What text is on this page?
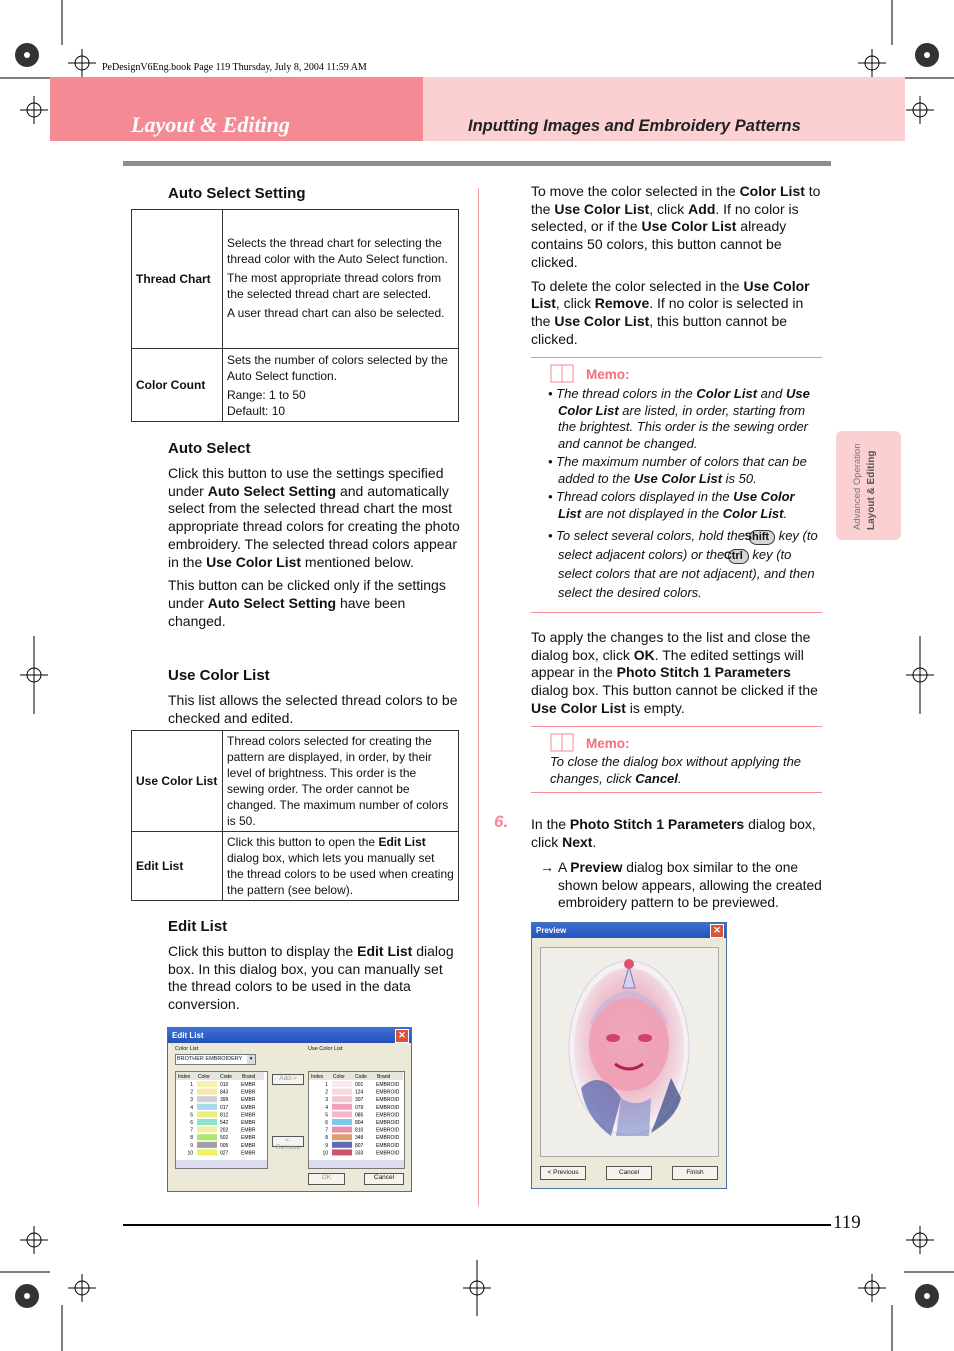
PeDesignV6Eng.book Page 119 Thursday, July 8, 2004 11:59 AM
Layout & Editing	Inputting Images and Embroidery Patterns
Advanced Operation Layout & Editing
Auto Select Setting
Thread Chart	Selects the thread chart for selecting the thread color with the Auto Select function.
The most appropriate thread colors from the selected thread chart are selected.
A user thread chart can also be selected.

Color Count	Sets the number of colors selected by the Auto Select function.
Range: 1 to 50
Default: 10
Auto Select

Click this button to use the settings specified under Auto Select Setting and automatically select from the selected thread chart the most appropriate thread colors for creating the photo embroidery. The selected thread colors appear in the Use Color List mentioned below.

This button can be clicked only if the settings under Auto Select Setting have been changed.

Use Color List
This list allows the selected thread colors to be checked and edited.
Use Color List	Thread colors selected for creating the pattern are displayed, in order, by their level of brightness. This order is the sewing order. The order cannot be changed. The maximum number of colors is 50.
Edit List	Click this button to open the Edit List dialog box, which lets you manually set the thread colors to be used when creating the pattern (see below).
Edit List
Click this button to display the Edit List dialog box. In this dialog box, you can manually set the thread colors to be used in the data conversion.
Edit List	✕
Color List	Use Color List
BROTHER EMBROIDERY	▾
Index Color Code Brand
1	010	EMBR
2	843	EMBR
3	399	EMBR
4	017	EMBR
5	812	EMBR
6	542	EMBR
7	202	EMBR
8	502	EMBR
9	005	EMBR
10	027	EMBR
Index Color Code Brand
1	001	EMBROID
2	124	EMBROID
3	307	EMBROID
4	079	EMBROID
5	085	EMBROID
6	804	EMBROID
7	810	EMBROID
8	348	EMBROID
9	807	EMBROID
10	333	EMBROID
Add->
<-Remove
OK	Cancel

To move the color selected in the Color List to the Use Color List, click Add. If no color is selected, or if the Use Color List already contains 50 colors, this button cannot be clicked.

To delete the color selected in the Use Color List, click Remove. If no color is selected in the Use Color List, this button cannot be clicked.

Memo:
• The thread colors in the Color List and Use Color List are listed, in order, starting from the brightest. This order is the sewing order and cannot be changed.
• The maximum number of colors that can be added to the Use Color List is 50.
• Thread colors displayed in the Use Color List are not displayed in the Color List.
• To select several colors, hold the Shift key (to select adjacent colors) or the Ctrl key (to select colors that are not adjacent), and then select the desired colors.
To apply the changes to the list and close the dialog box, click OK. The edited settings will appear in the Photo Stitch 1 Parameters dialog box. This button cannot be clicked if the Use Color List is empty.
Memo:
To close the dialog box without applying the changes, click Cancel.
6. In the Photo Stitch 1 Parameters dialog box, click Next.
→ A Preview dialog box similar to the one shown below appears, allowing the created embroidery pattern to be previewed.
Preview	✕
< Previous	Cancel	Finish
119
